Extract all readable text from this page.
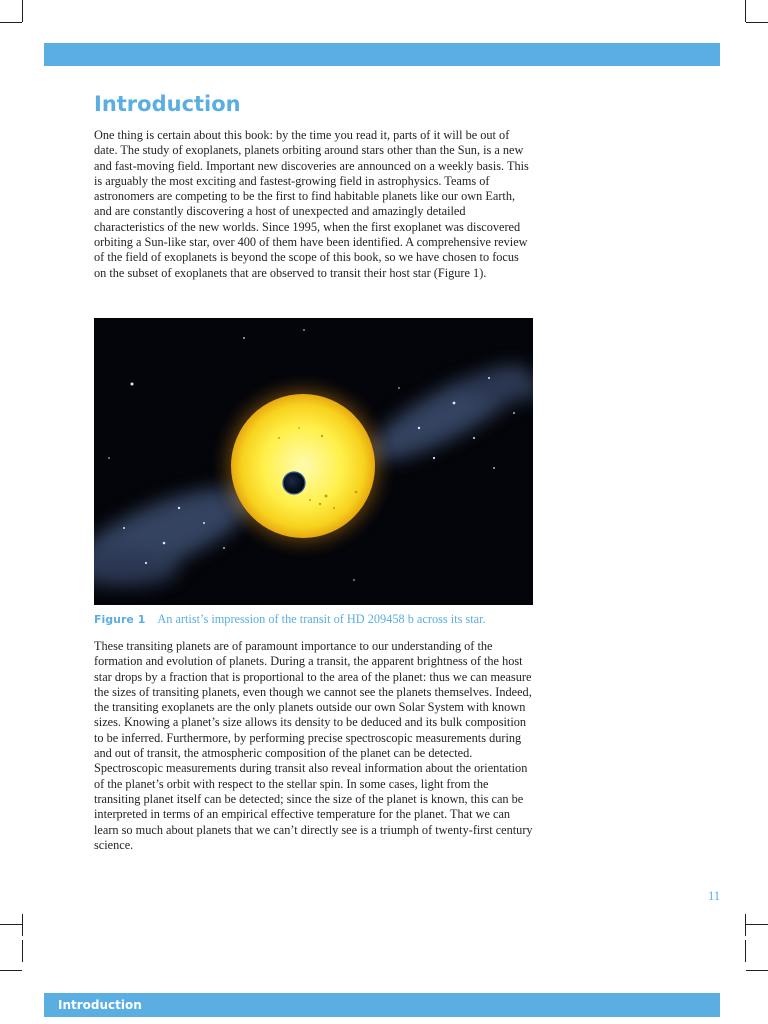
Introduction

One thing is certain about this book: by the time you read it, parts of it will be out of date. The study of exoplanets, planets orbiting around stars other than the Sun, is a new and fast-moving field. Important new discoveries are announced on a weekly basis. This is arguably the most exciting and fastest-growing field in astrophysics. Teams of astronomers are competing to be the first to find habitable planets like our own Earth, and are constantly discovering a host of unexpected and amazingly detailed characteristics of the new worlds. Since 1995, when the first exoplanet was discovered orbiting a Sun-like star, over 400 of them have been identified. A comprehensive review of the field of exoplanets is beyond the scope of this book, so we have chosen to focus on the subset of exoplanets that are observed to transit their host star (Figure 1).

Figure 1 An artist’s impression of the transit of HD 209458 b across its star.

These transiting planets are of paramount importance to our understanding of the formation and evolution of planets. During a transit, the apparent brightness of the host star drops by a fraction that is proportional to the area of the planet: thus we can measure the sizes of transiting planets, even though we cannot see the planets themselves. Indeed, the transiting exoplanets are the only planets outside our own Solar System with known sizes. Knowing a planet’s size allows its density to be deduced and its bulk composition to be inferred. Furthermore, by performing precise spectroscopic measurements during and out of transit, the atmospheric composition of the planet can be detected. Spectroscopic measurements during transit also reveal information about the orientation of the planet’s orbit with respect to the stellar spin. In some cases, light from the transiting planet itself can be detected; since the size of the planet is known, this can be interpreted in terms of an empirical effective temperature for the planet. That we can learn so much about planets that we can’t directly see is a triumph of twenty-first century science.

11
Introduction
